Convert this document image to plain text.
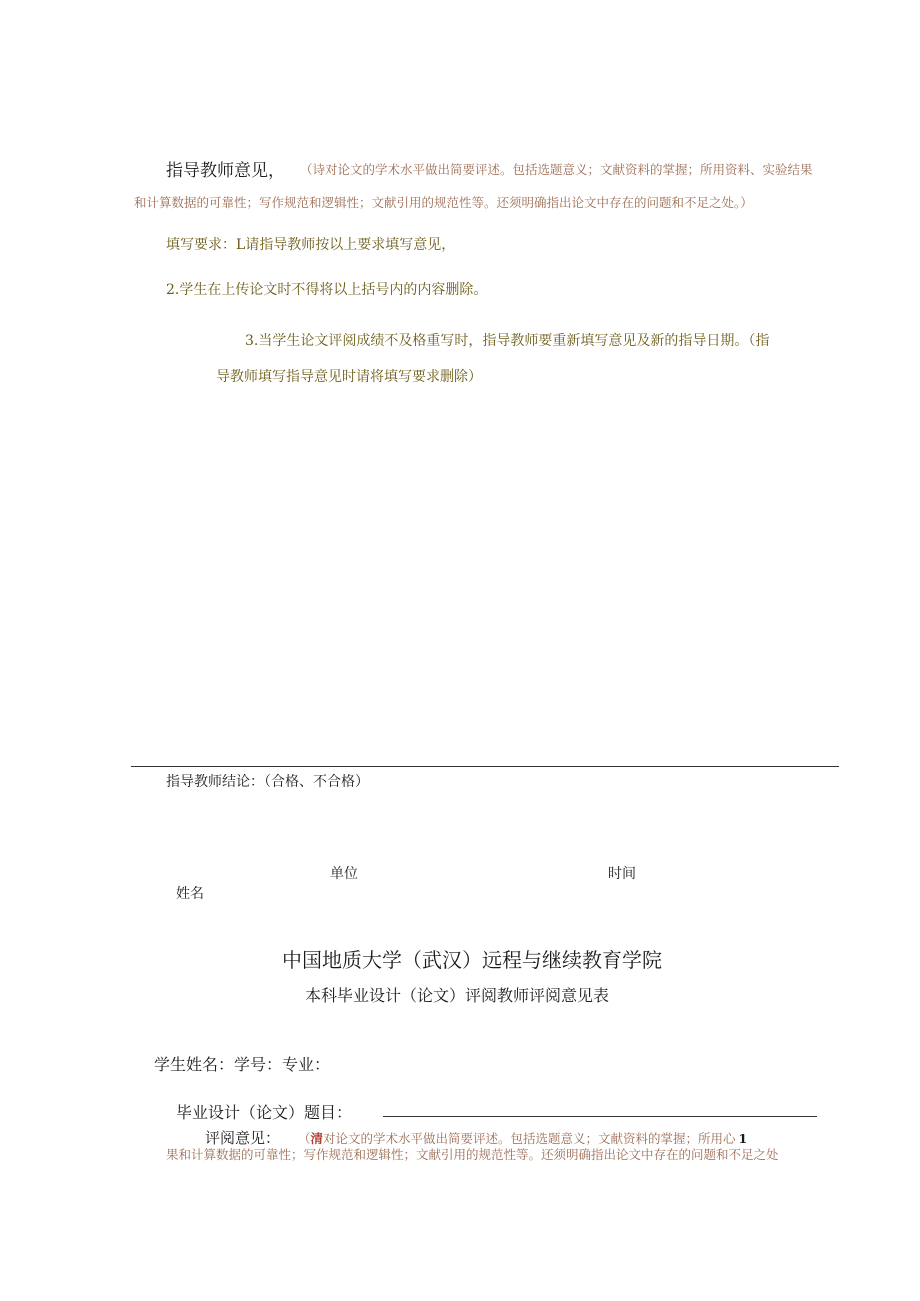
指导教师意见， （诗对论文的学术水平做出简要评述。包括选题意义；文献资料的掌握；所用资料、实验结果
和计算数据的可靠性；写作规范和逻辑性；文献引用的规范性等。还须明确指出论文中存在的问题和不足之处。）
填写要求：L请指导教师按以上要求填写意见，
2.学生在上传论文时不得将以上括号内的内容删除。
3.当学生论文评阅成绩不及格重写时，指导教师要重新填写意见及新的指导日期。（指
导教师填写指导意见时请将填写要求删除）
指导教师结论：（合格、不合格）
单位	时间
姓名
中国地质大学（武汉）远程与继续教育学院
本科毕业设计（论文）评阅教师评阅意见表
学生姓名：学号：专业：
毕业设计（论文）题目：
评阅意见： （清对论文的学术水平做出简要评述。包括选题意义；文献资料的掌握；所用心 1
果和计算数据的可靠性；写作规范和逻辑性；文献引用的规范性等。还须明确指出论文中存在的问题和不足之处
